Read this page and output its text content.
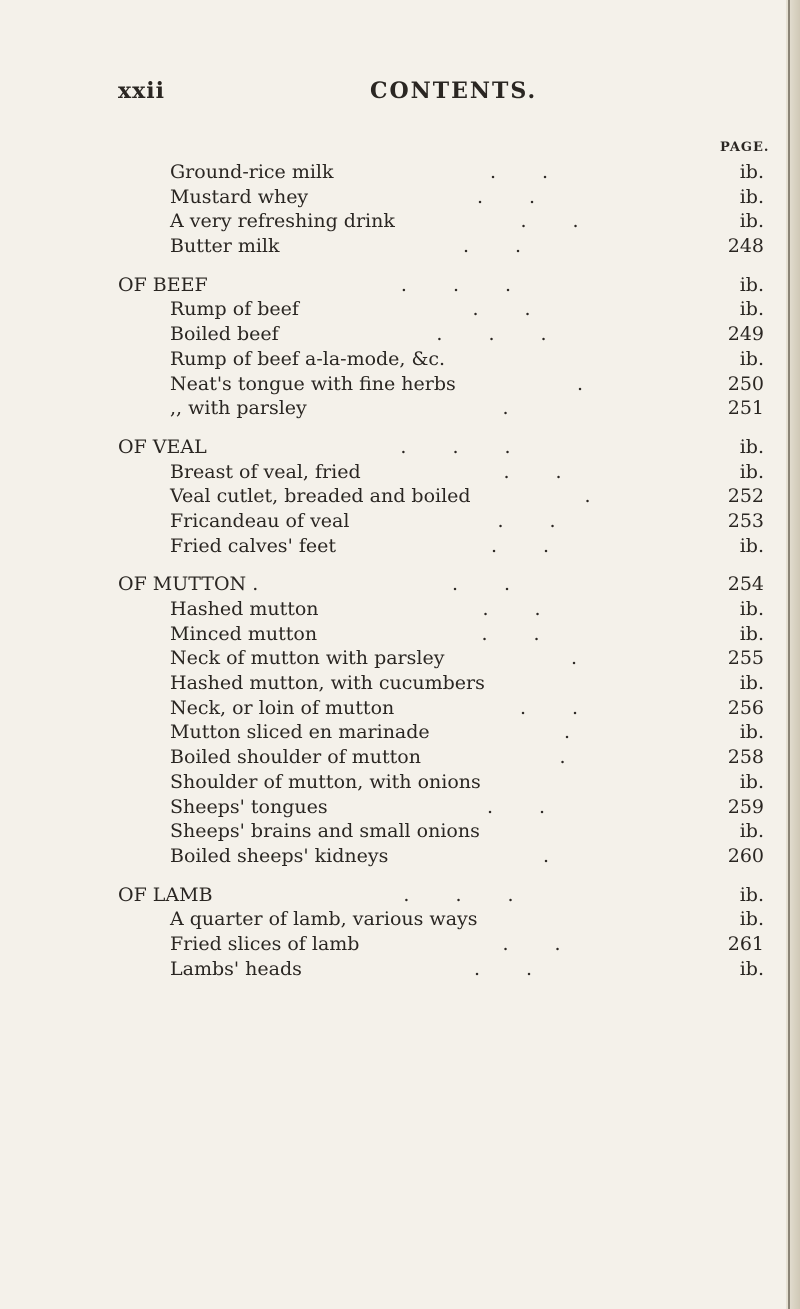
xxii	CONTENTS.
PAGE.
Ground-rice milk	. .	ib.
Mustard whey	. .	ib.
A very refreshing drink	. .	ib.
Butter milk	. .	248
OF BEEF	. . .	ib.
Rump of beef	. .	ib.
Boiled beef	. . .	249
Rump of beef a-la-mode, &c.	ib.
Neat's tongue with fine herbs	.	250
,, with parsley	.	251
OF VEAL	. . .	ib.
Breast of veal, fried	. .	ib.
Veal cutlet, breaded and boiled	.	252
Fricandeau of veal	. .	253
Fried calves' feet	. .	ib.
OF MUTTON .	. .	254
Hashed mutton	. .	ib.
Minced mutton	. .	ib.
Neck of mutton with parsley	.	255
Hashed mutton, with cucumbers	ib.
Neck, or loin of mutton	. .	256
Mutton sliced en marinade	.	ib.
Boiled shoulder of mutton	.	258
Shoulder of mutton, with onions	ib.
Sheeps' tongues	. .	259
Sheeps' brains and small onions	ib.
Boiled sheeps' kidneys	.	260
OF LAMB	. . .	ib.
A quarter of lamb, various ways	ib.
Fried slices of lamb	. .	261
Lambs' heads	. .	ib.
